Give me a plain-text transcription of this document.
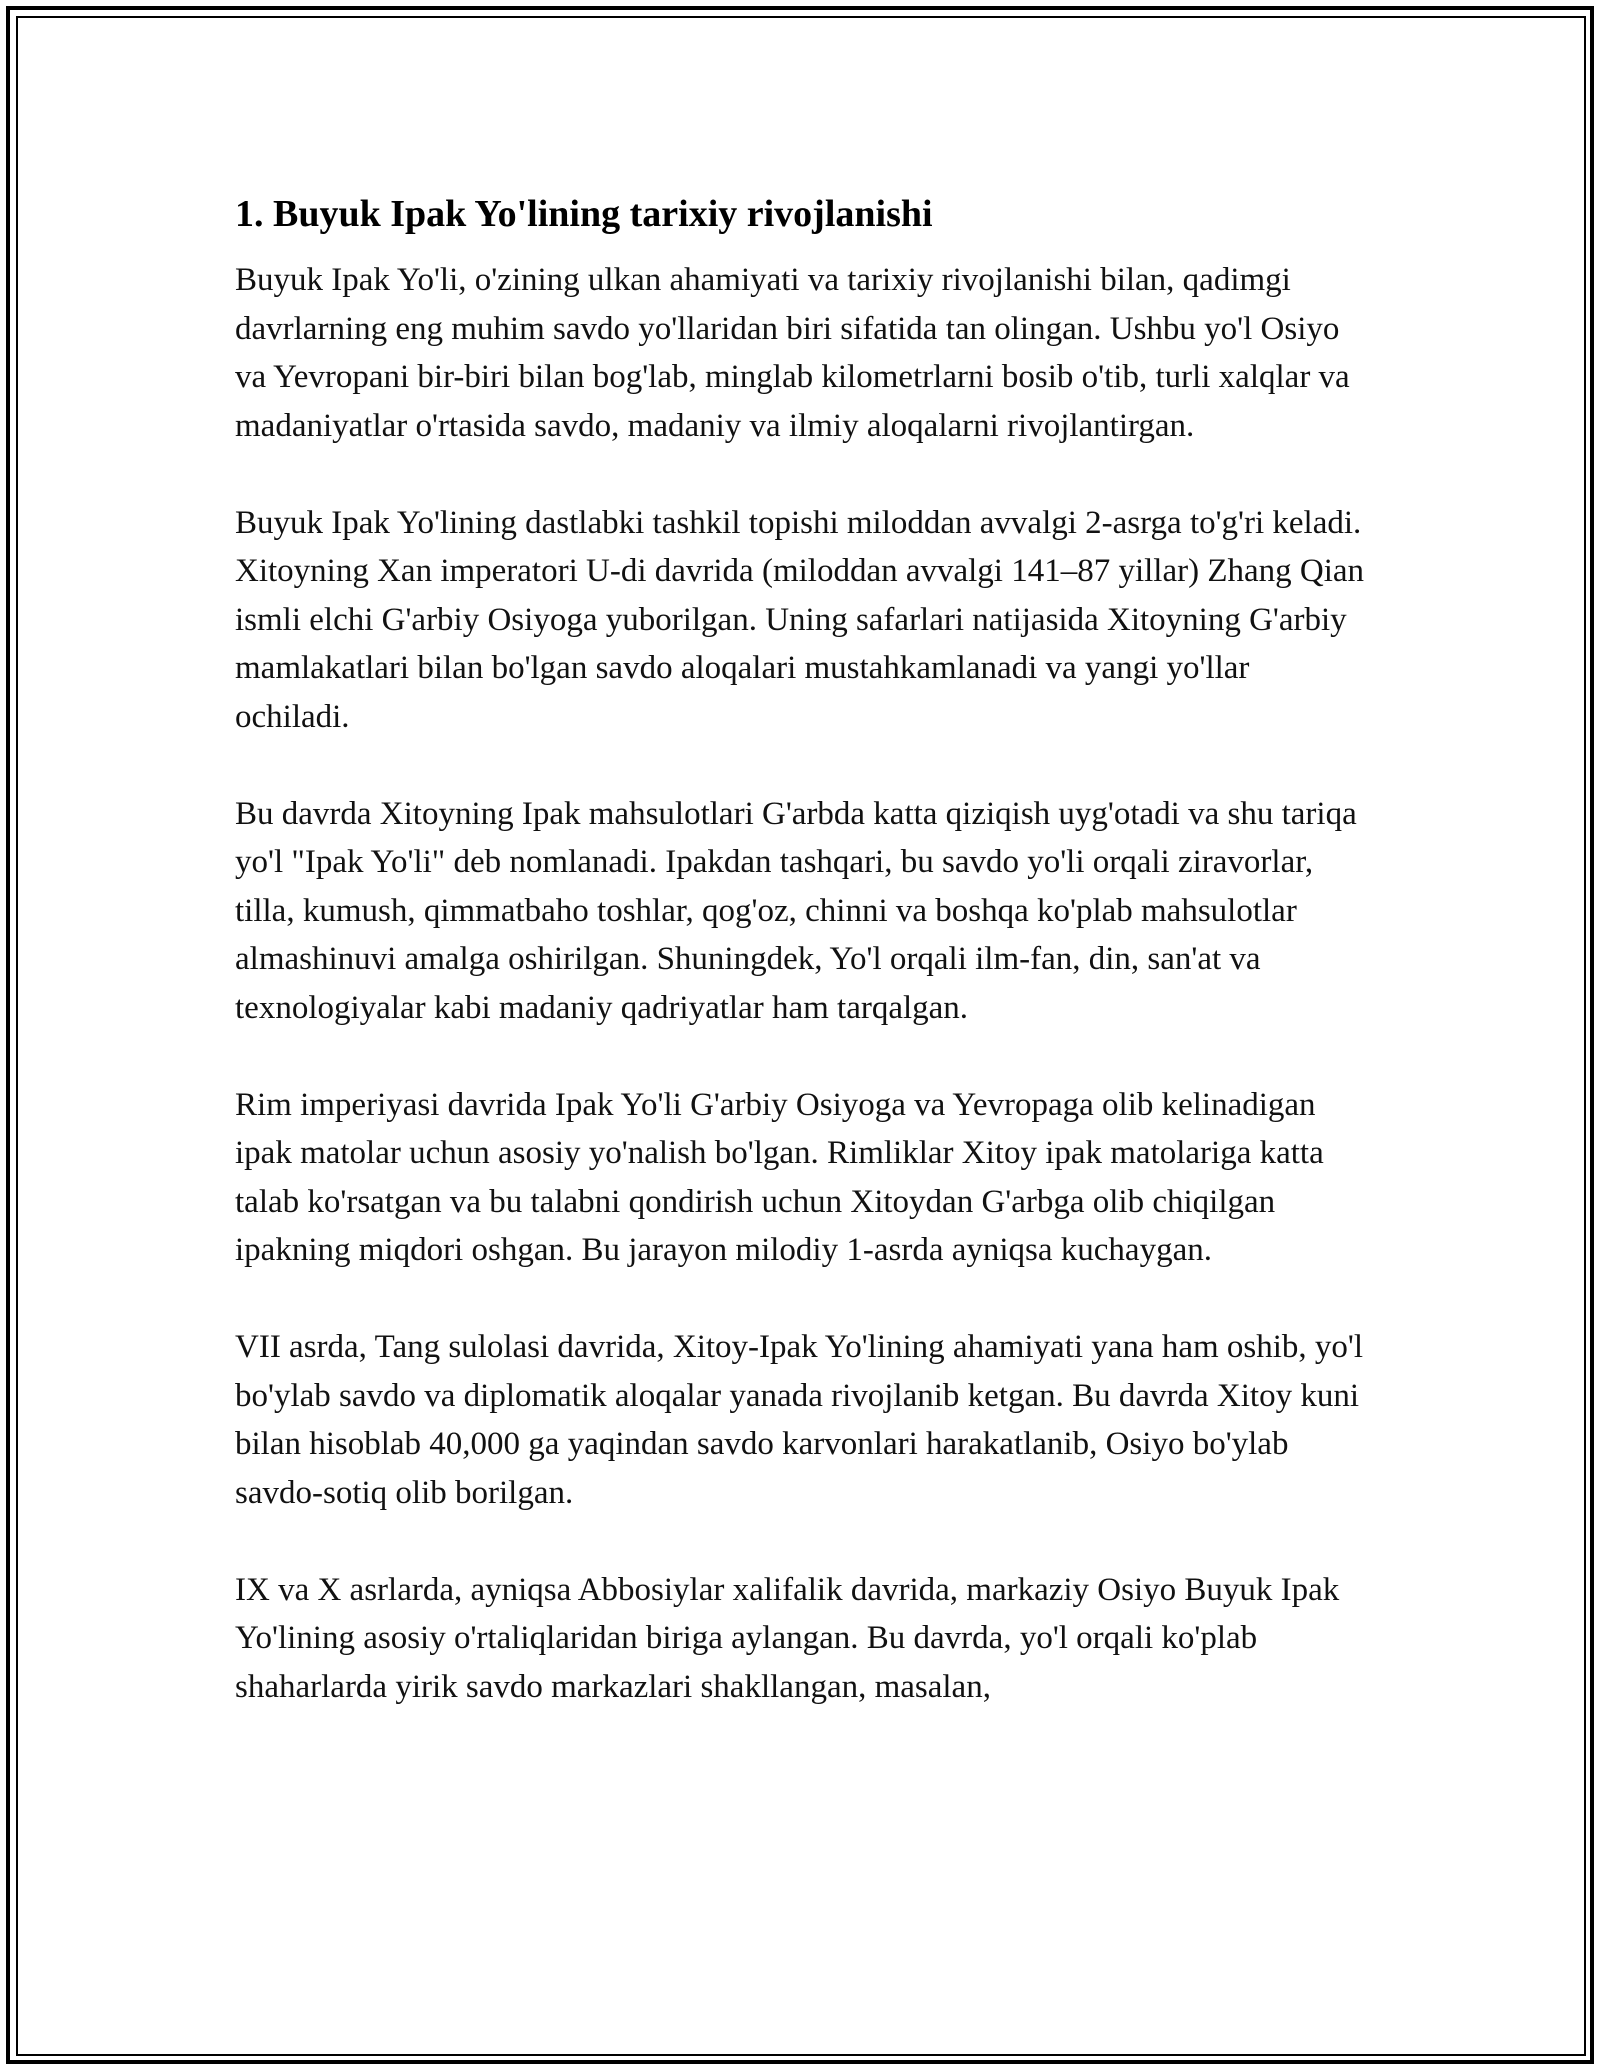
1. Buyuk Ipak Yo'lining tarixiy rivojlanishi

Buyuk Ipak Yo'li, o'zining ulkan ahamiyati va tarixiy rivojlanishi bilan, qadimgi davrlarning eng muhim savdo yo'llaridan biri sifatida tan olingan. Ushbu yo'l Osiyo va Yevropani bir-biri bilan bog'lab, minglab kilometrlarni bosib o'tib, turli xalqlar va madaniyatlar o'rtasida savdo, madaniy va ilmiy aloqalarni rivojlantirgan.

Buyuk Ipak Yo'lining dastlabki tashkil topishi miloddan avvalgi 2-asrga to'g'ri keladi. Xitoyning Xan imperatori U-di davrida (miloddan avvalgi 141–87 yillar) Zhang Qian ismli elchi G'arbiy Osiyoga yuborilgan. Uning safarlari natijasida Xitoyning G'arbiy mamlakatlari bilan bo'lgan savdo aloqalari mustahkamlanadi va yangi yo'llar ochiladi.

Bu davrda Xitoyning Ipak mahsulotlari G'arbda katta qiziqish uyg'otadi va shu tariqa yo'l "Ipak Yo'li" deb nomlanadi. Ipakdan tashqari, bu savdo yo'li orqali ziravorlar, tilla, kumush, qimmatbaho toshlar, qog'oz, chinni va boshqa ko'plab mahsulotlar almashinuvi amalga oshirilgan. Shuningdek, Yo'l orqali ilm-fan, din, san'at va texnologiyalar kabi madaniy qadriyatlar ham tarqalgan.

Rim imperiyasi davrida Ipak Yo'li G'arbiy Osiyoga va Yevropaga olib kelinadigan ipak matolar uchun asosiy yo'nalish bo'lgan. Rimliklar Xitoy ipak matolariga katta talab ko'rsatgan va bu talabni qondirish uchun Xitoydan G'arbga olib chiqilgan ipakning miqdori oshgan. Bu jarayon milodiy 1-asrda ayniqsa kuchaygan.

VII asrda, Tang sulolasi davrida, Xitoy-Ipak Yo'lining ahamiyati yana ham oshib, yo'l bo'ylab savdo va diplomatik aloqalar yanada rivojlanib ketgan. Bu davrda Xitoy kuni bilan hisoblab 40,000 ga yaqindan savdo karvonlari harakatlanib, Osiyo bo'ylab savdo-sotiq olib borilgan.

IX va X asrlarda, ayniqsa Abbosiylar xalifalik davrida, markaziy Osiyo Buyuk Ipak Yo'lining asosiy o'rtaliqlaridan biriga aylangan. Bu davrda, yo'l orqali ko'plab shaharlarda yirik savdo markazlari shakllangan, masalan,
